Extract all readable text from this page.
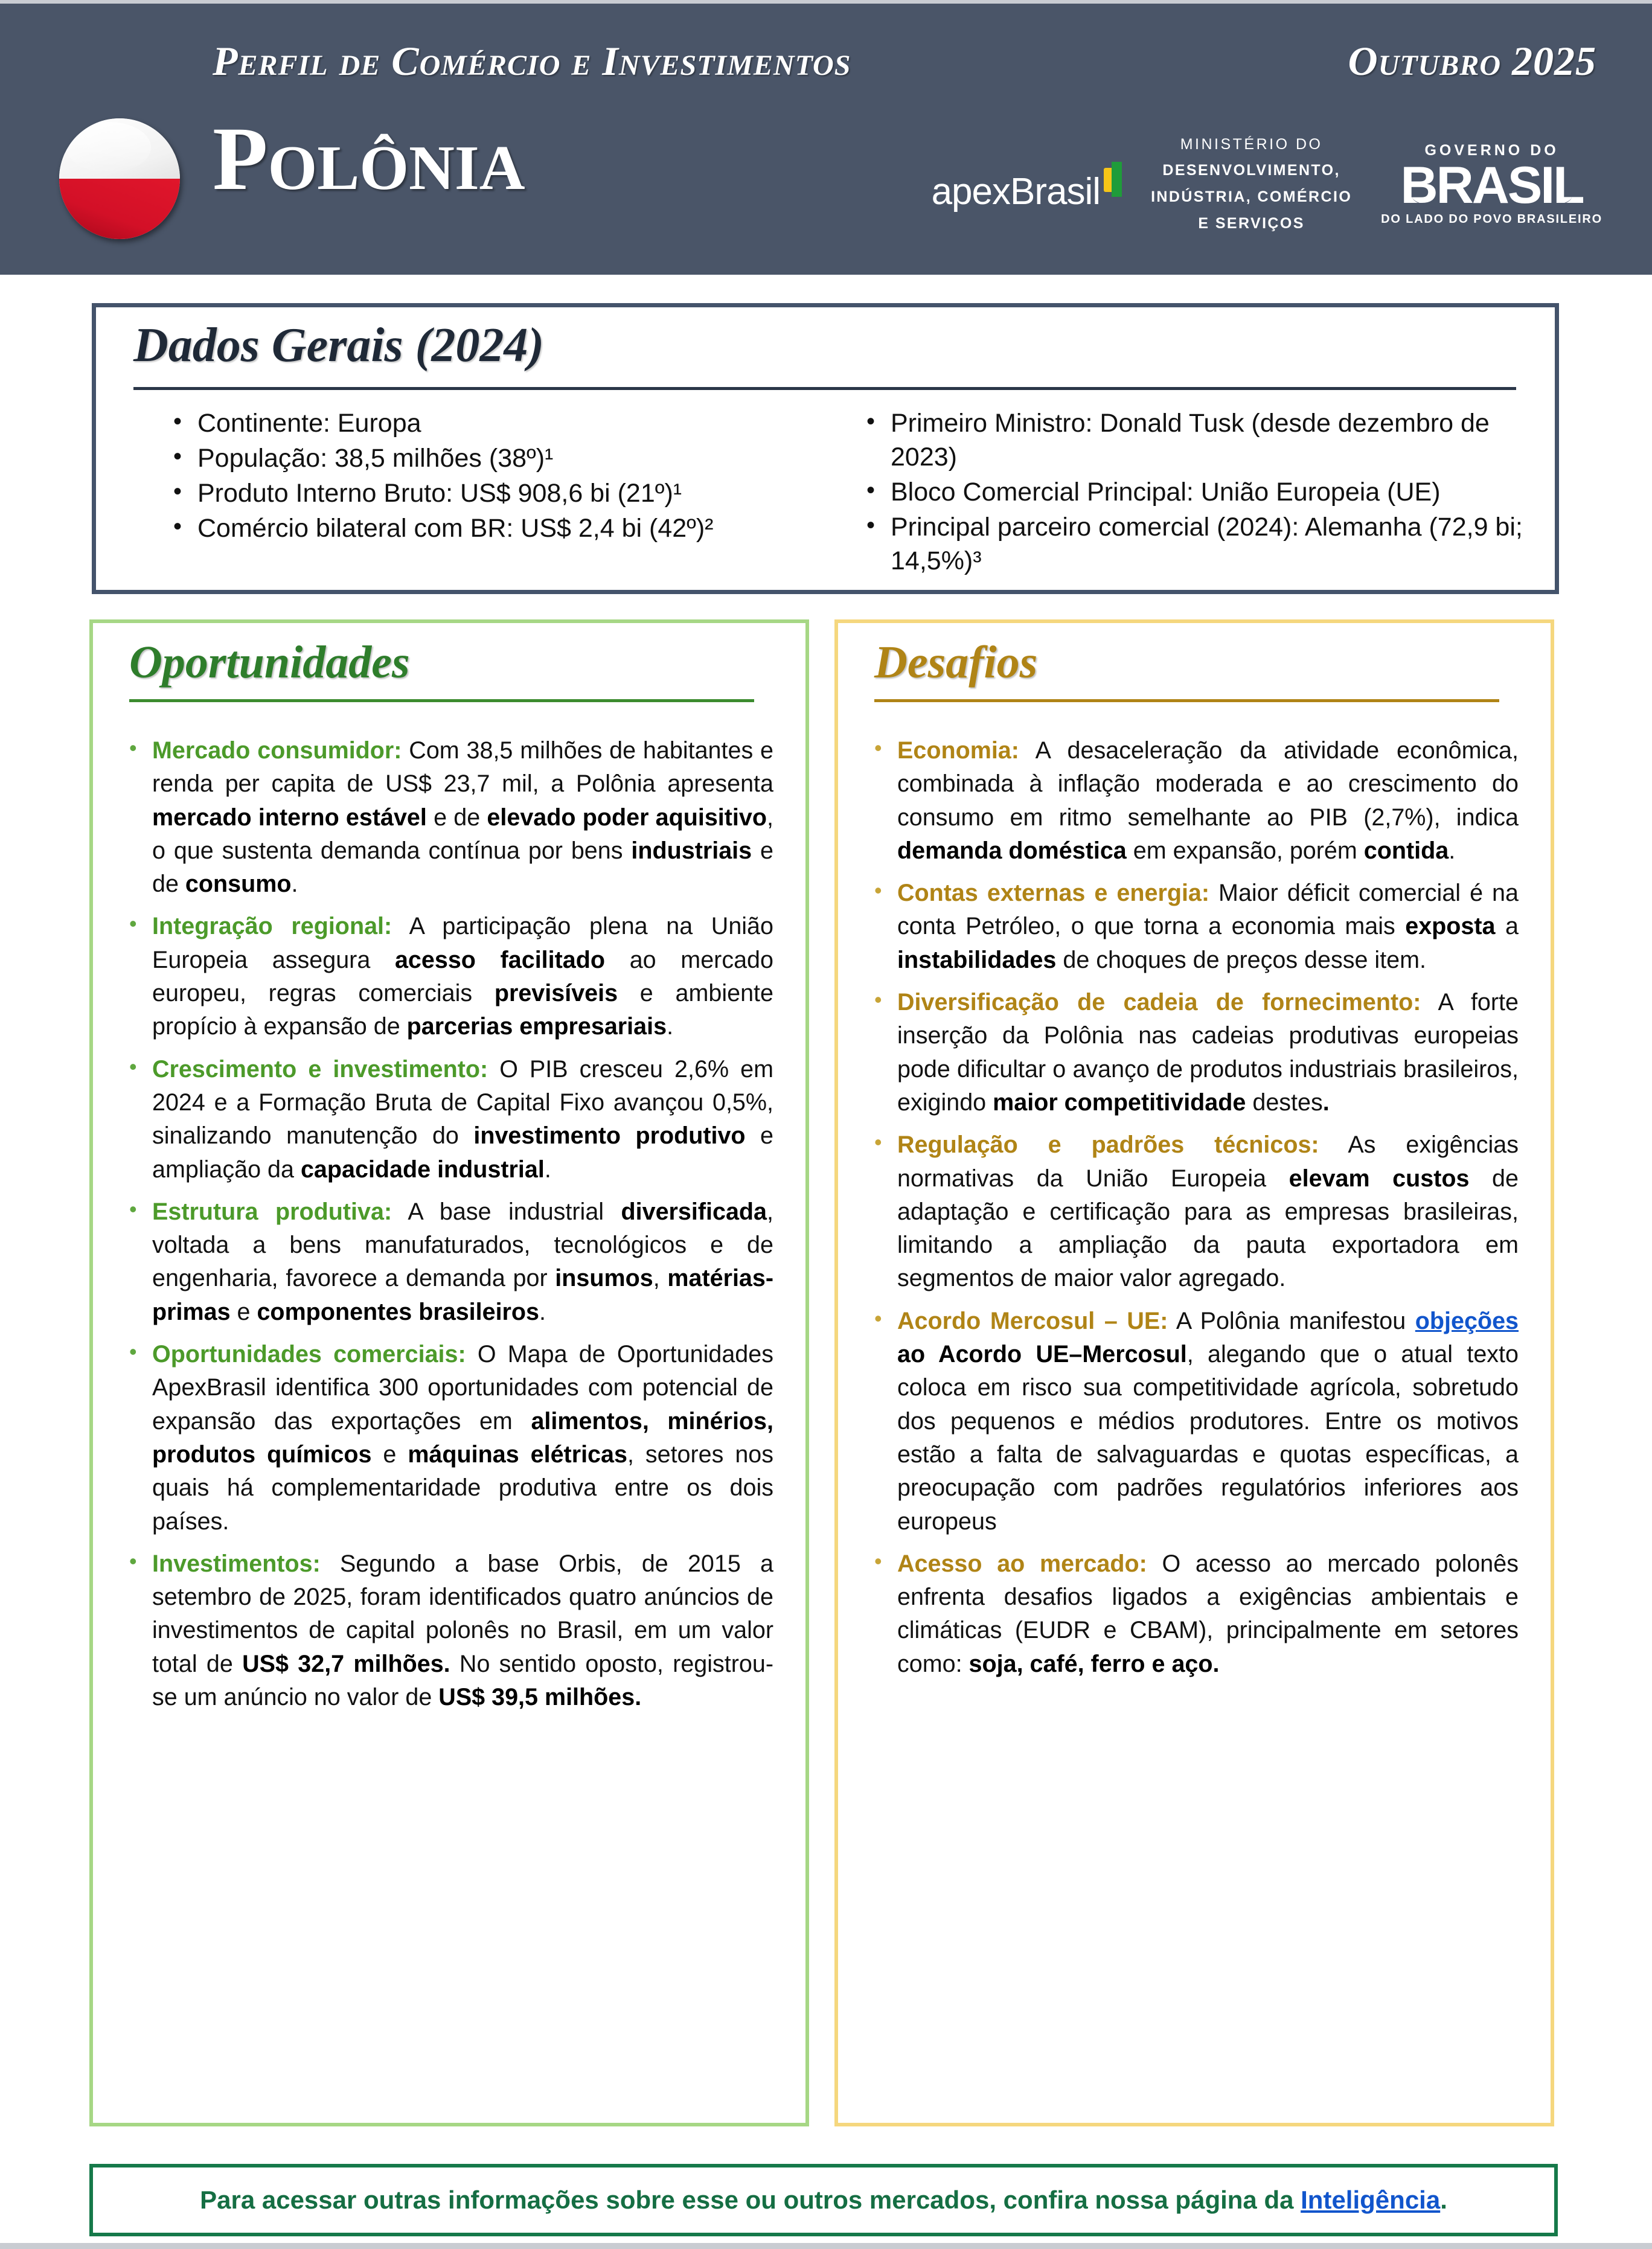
Perfil de Comércio e Investimentos	Outubro 2025
Polônia	apexBrasil
MINISTÉRIO DO
DESENVOLVIMENTO,
INDÚSTRIA, COMÉRCIO
E SERVIÇOS
GOVERNO DO
BRASIL
DO LADO DO POVO BRASILEIRO
Dados Gerais (2024)
• Continente: Europa
• População: 38,5 milhões (38º)¹
• Produto Interno Bruto: US$ 908,6 bi (21º)¹
• Comércio bilateral com BR: US$ 2,4 bi (42º)²
• Primeiro Ministro: Donald Tusk (desde dezembro de 2023)
• Bloco Comercial Principal: União Europeia (UE)
• Principal parceiro comercial (2024): Alemanha (72,9 bi; 14,5%)³
Oportunidades
• Mercado consumidor: Com 38,5 milhões de habitantes e renda per capita de US$ 23,7 mil, a Polônia apresenta mercado interno estável e de elevado poder aquisitivo, o que sustenta demanda contínua por bens industriais e de consumo.
• Integração regional: A participação plena na União Europeia assegura acesso facilitado ao mercado europeu, regras comerciais previsíveis e ambiente propício à expansão de parcerias empresariais.
• Crescimento e investimento: O PIB cresceu 2,6% em 2024 e a Formação Bruta de Capital Fixo avançou 0,5%, sinalizando manutenção do investimento produtivo e ampliação da capacidade industrial.
• Estrutura produtiva: A base industrial diversificada, voltada a bens manufaturados, tecnológicos e de engenharia, favorece a demanda por insumos, matérias-primas e componentes brasileiros.
• Oportunidades comerciais: O Mapa de Oportunidades ApexBrasil identifica 300 oportunidades com potencial de expansão das exportações em alimentos, minérios, produtos químicos e máquinas elétricas, setores nos quais há complementaridade produtiva entre os dois países.
• Investimentos: Segundo a base Orbis, de 2015 a setembro de 2025, foram identificados quatro anúncios de investimentos de capital polonês no Brasil, em um valor total de US$ 32,7 milhões. No sentido oposto, registrou-se um anúncio no valor de US$ 39,5 milhões.
Desafios
• Economia: A desaceleração da atividade econômica, combinada à inflação moderada e ao crescimento do consumo em ritmo semelhante ao PIB (2,7%), indica demanda doméstica em expansão, porém contida.
• Contas externas e energia: Maior déficit comercial é na conta Petróleo, o que torna a economia mais exposta a instabilidades de choques de preços desse item.
• Diversificação de cadeia de fornecimento: A forte inserção da Polônia nas cadeias produtivas europeias pode dificultar o avanço de produtos industriais brasileiros, exigindo maior competitividade destes.
• Regulação e padrões técnicos: As exigências normativas da União Europeia elevam custos de adaptação e certificação para as empresas brasileiras, limitando a ampliação da pauta exportadora em segmentos de maior valor agregado.
• Acordo Mercosul – UE: A Polônia manifestou objeções ao Acordo UE–Mercosul, alegando que o atual texto coloca em risco sua competitividade agrícola, sobretudo dos pequenos e médios produtores. Entre os motivos estão a falta de salvaguardas e quotas específicas, a preocupação com padrões regulatórios inferiores aos europeus
• Acesso ao mercado: O acesso ao mercado polonês enfrenta desafios ligados a exigências ambientais e climáticas (EUDR e CBAM), principalmente em setores como: soja, café, ferro e aço.
Para acessar outras informações sobre esse ou outros mercados, confira nossa página da Inteligência.
